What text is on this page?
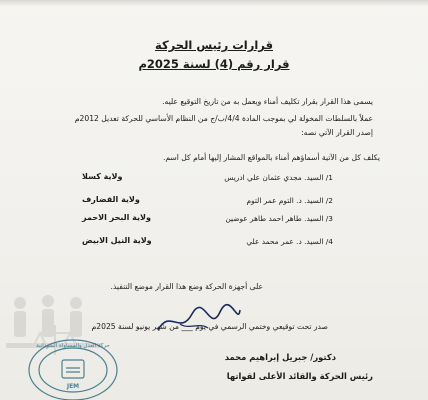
قرارات رئيس الحركة
قرار رقم (4) لسنة 2025م
يسمى هذا القرار بقرار تكليف أمناء ويعمل به من تاريخ التوقيع عليه.
عملاً بالسلطات المخولة لي بموجب المادة 4/4/ب/ج من النظام الأساسي للحركة تعديل 2012م
إصدر القرار الآتي نصه:
يكلف كل من الآتية أسماؤهم أمناء بالمواقع المشار إليها أمام كل اسم.
1/ السيد. مجدي عثمان علي ادريس
ولاية كسلا
2/ السيد. د. التوم عمر التوم
ولاية القضارف
3/ السيد. طاهر احمد طاهر عوضين
ولاية البحر الاحمر
4/ السيد. د. عمر محمد علي
ولاية النيل الابيض
على أجهزة الحركة وضع هذا القرار موضع التنفيذ.
صدر تحت توقيعي وختمي الرسمي في يوم ___ من شهر يونيو لسنة 2025م
دكتور/ جبريل إبراهيم محمد
رئيس الحركة والقائد الأعلى لقواتها
حركة العدل والمساواة السودانية
JEM
